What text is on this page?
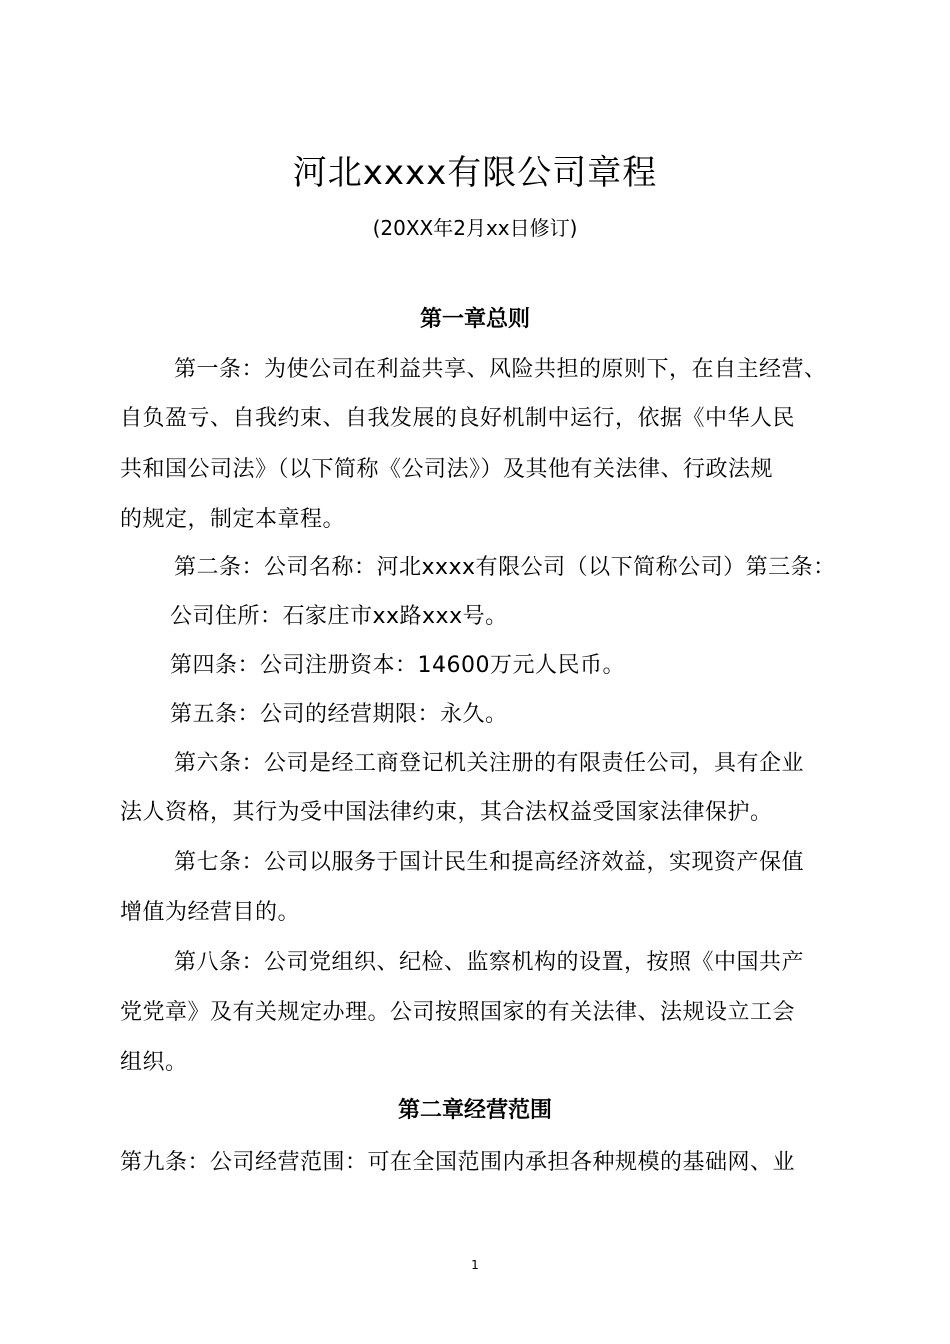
河北xxxx有限公司章程
(20XX年2月xx日修订)
第一章总则
第一条：为使公司在利益共享、风险共担的原则下，在自主经营、
自负盈亏、自我约束、自我发展的良好机制中运行，依据《中华人民
共和国公司法》（以下简称《公司法》）及其他有关法律、行政法规
的规定，制定本章程。
第二条：公司名称：河北xxxx有限公司（以下简称公司）第三条：
公司住所：石家庄市xx路xxx号。
第四条：公司注册资本：14600万元人民币。
第五条：公司的经营期限：永久。
第六条：公司是经工商登记机关注册的有限责任公司，具有企业
法人资格，其行为受中国法律约束，其合法权益受国家法律保护。
第七条：公司以服务于国计民生和提高经济效益，实现资产保值
增值为经营目的。
第八条：公司党组织、纪检、监察机构的设置，按照《中国共产
党党章》及有关规定办理。公司按照国家的有关法律、法规设立工会
组织。
第二章经营范围
第九条：公司经营范围：可在全国范围内承担各种规模的基础网、业
1
